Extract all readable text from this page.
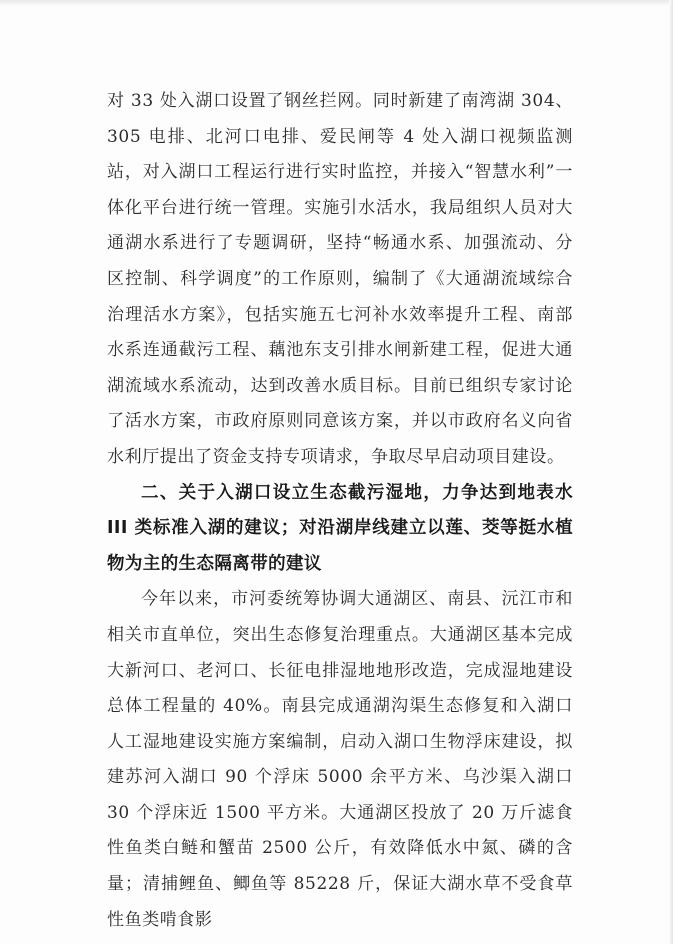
对 33 处入湖口设置了钢丝拦网。同时新建了南湾湖 304、305 电排、北河口电排、爱民闸等 4 处入湖口视频监测站，对入湖口工程运行进行实时监控，并接入“智慧水利”一体化平台进行统一管理。实施引水活水，我局组织人员对大通湖水系进行了专题调研，坚持“畅通水系、加强流动、分区控制、科学调度”的工作原则，编制了《大通湖流域综合治理活水方案》，包括实施五七河补水效率提升工程、南部水系连通截污工程、藕池东支引排水闸新建工程，促进大通湖流域水系流动，达到改善水质目标。目前已组织专家讨论了活水方案，市政府原则同意该方案，并以市政府名义向省水利厅提出了资金支持专项请求，争取尽早启动项目建设。

二、关于入湖口设立生态截污湿地，力争达到地表水 III 类标准入湖的建议；对沿湖岸线建立以莲、茭等挺水植物为主的生态隔离带的建议

今年以来，市河委统筹协调大通湖区、南县、沅江市和相关市直单位，突出生态修复治理重点。大通湖区基本完成大新河口、老河口、长征电排湿地地形改造，完成湿地建设总体工程量的 40%。南县完成通湖沟渠生态修复和入湖口人工湿地建设实施方案编制，启动入湖口生物浮床建设，拟建苏河入湖口 90 个浮床 5000 余平方米、乌沙渠入湖口 30 个浮床近 1500 平方米。大通湖区投放了 20 万斤滤食性鱼类白鲢和蟹苗 2500 公斤，有效降低水中氮、磷的含量；清捕鲤鱼、鲫鱼等 85228 斤，保证大湖水草不受食草性鱼类啃食影
